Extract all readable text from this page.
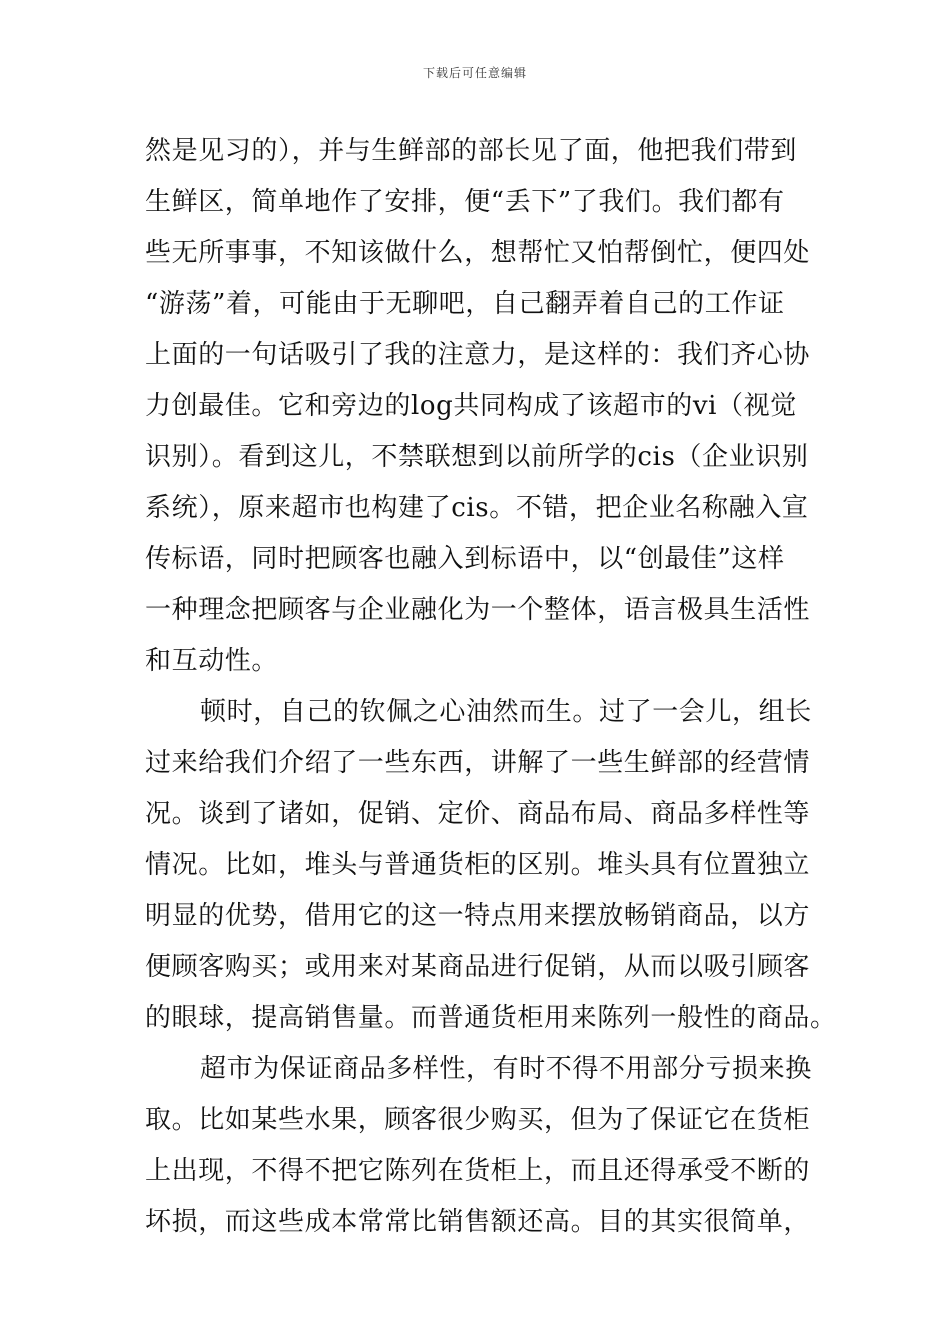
下载后可任意编辑
然是见习的），并与生鲜部的部长见了面，他把我们带到
生鲜区，简单地作了安排，便“丢下”了我们。我们都有
些无所事事，不知该做什么，想帮忙又怕帮倒忙，便四处
“游荡”着，可能由于无聊吧，自己翻弄着自己的工作证
上面的一句话吸引了我的注意力，是这样的：我们齐心协
力创最佳。它和旁边的log共同构成了该超市的vi（视觉
识别）。看到这儿，不禁联想到以前所学的cis（企业识别
系统），原来超市也构建了cis。不错，把企业名称融入宣
传标语，同时把顾客也融入到标语中，以“创最佳”这样
一种理念把顾客与企业融化为一个整体，语言极具生活性
和互动性。
顿时，自己的钦佩之心油然而生。过了一会儿，组长
过来给我们介绍了一些东西，讲解了一些生鲜部的经营情
况。谈到了诸如，促销、定价、商品布局、商品多样性等
情况。比如，堆头与普通货柜的区别。堆头具有位置独立
明显的优势，借用它的这一特点用来摆放畅销商品，以方
便顾客购买；或用来对某商品进行促销，从而以吸引顾客
的眼球，提高销售量。而普通货柜用来陈列一般性的商品。
超市为保证商品多样性，有时不得不用部分亏损来换
取。比如某些水果，顾客很少购买，但为了保证它在货柜
上出现，不得不把它陈列在货柜上，而且还得承受不断的
坏损，而这些成本常常比销售额还高。目的其实很简单，
